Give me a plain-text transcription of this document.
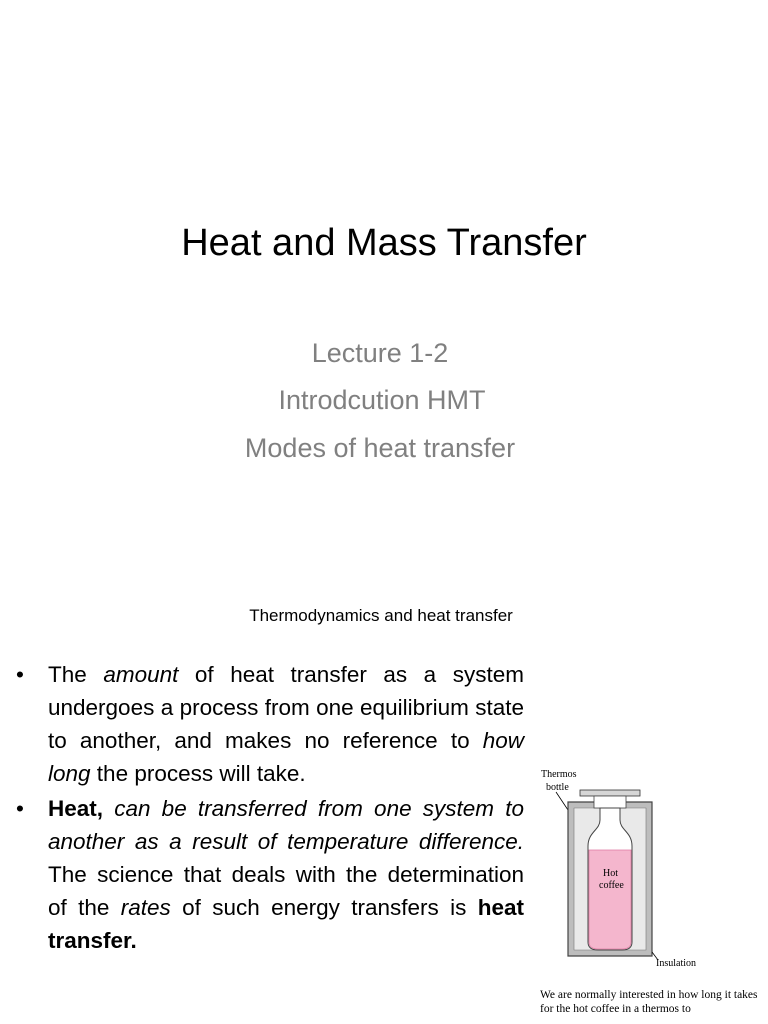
Heat and Mass Transfer
Lecture 1-2
Introdcution HMT
Modes of heat transfer
Thermodynamics and heat transfer
• The amount of heat transfer as a system undergoes a process from one equilibrium state to another, and makes no reference to how long the process will take.
• Heat, can be transferred from one system to another as a result of temperature difference. The science that deals with the determination of the rates of such energy transfers is heat transfer.
Thermos
bottle
Hot
coffee
Insulation
We are normally interested in how long it takes for the hot coffee in a thermos to
